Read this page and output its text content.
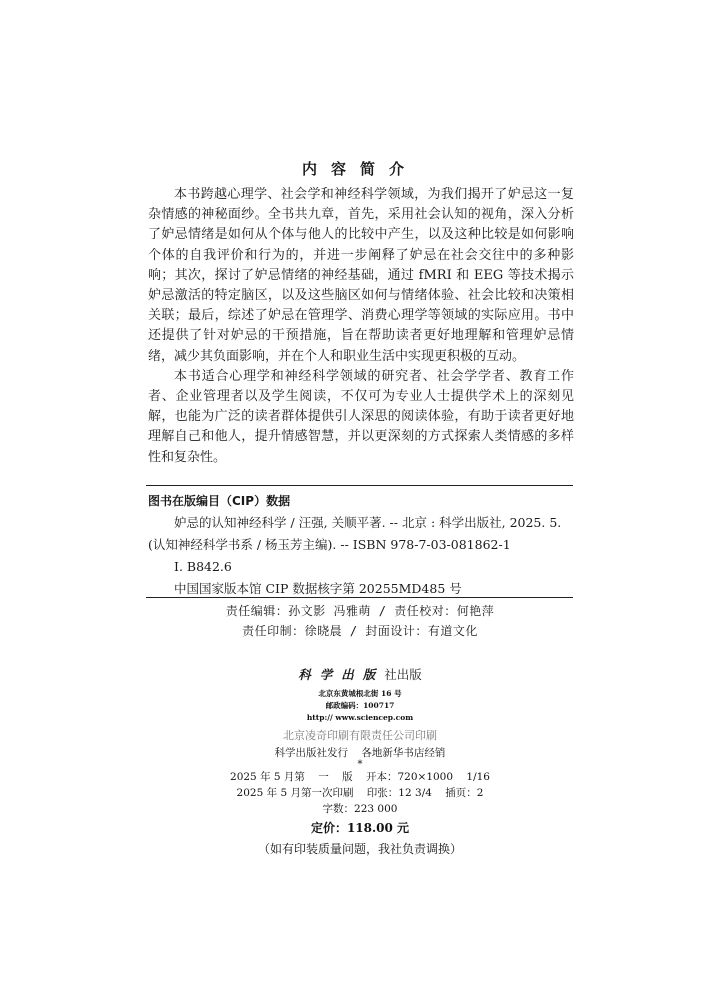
内容简介

本书跨越心理学、社会学和神经科学领域，为我们揭开了妒忌这一复杂情感的神秘面纱。全书共九章，首先，采用社会认知的视角，深入分析了妒忌情绪是如何从个体与他人的比较中产生，以及这种比较是如何影响个体的自我评价和行为的，并进一步阐释了妒忌在社会交往中的多种影响；其次，探讨了妒忌情绪的神经基础，通过 fMRI 和 EEG 等技术揭示妒忌激活的特定脑区，以及这些脑区如何与情绪体验、社会比较和决策相关联；最后，综述了妒忌在管理学、消费心理学等领域的实际应用。书中还提供了针对妒忌的干预措施，旨在帮助读者更好地理解和管理妒忌情绪，减少其负面影响，并在个人和职业生活中实现更积极的互动。

本书适合心理学和神经科学领域的研究者、社会学学者、教育工作者、企业管理者以及学生阅读，不仅可为专业人士提供学术上的深刻见解，也能为广泛的读者群体提供引人深思的阅读体验，有助于读者更好地理解自己和他人，提升情感智慧，并以更深刻的方式探索人类情感的多样性和复杂性。

图书在版编目（CIP）数据
妒忌的认知神经科学 / 汪强, 关顺平著. -- 北京 : 科学出版社, 2025. 5.
(认知神经科学书系 / 杨玉芳主编). -- ISBN 978-7-03-081862-1
Ⅰ. B842.6
中国国家版本馆 CIP 数据核字第 20255MD485 号
责任编辑：孙文影 冯雅萌 / 责任校对：何艳萍
责任印制：徐晓晨 / 封面设计：有道文化
科学出版社出版
北京东黄城根北街 16 号
邮政编码：100717
http:// www.sciencep.com
北京凌奇印刷有限责任公司印刷
科学出版社发行    各地新华书店经销
*
2025 年 5 月第    一    版    开本：720×1000    1/16
2025 年 5 月第一次印刷    印张：12 3/4    插页：2
字数：223 000
定价：118.00 元
（如有印装质量问题，我社负责调换）
